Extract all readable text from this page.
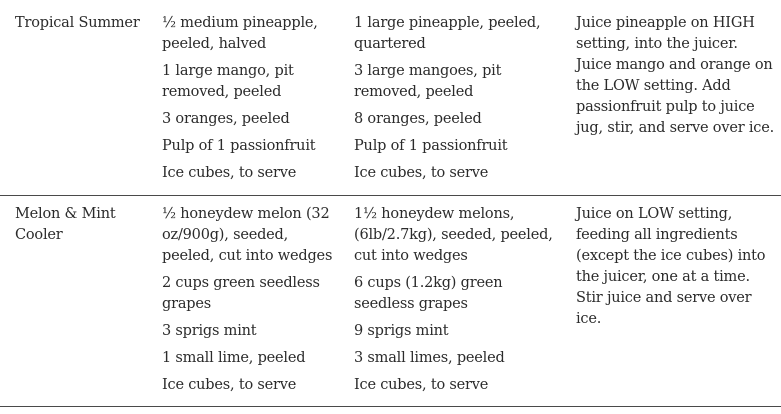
Tropical Summer	½ medium pineapple, peeled, halved
1 large mango, pit removed, peeled
3 oranges, peeled
Pulp of 1 passionfruit
Ice cubes, to serve
1 large pineapple, peeled, quartered
3 large mangoes, pit removed, peeled
8 oranges, peeled
Pulp of 1 passionfruit
Ice cubes, to serve
Juice pineapple on HIGH setting, into the juicer. Juice mango and orange on the LOW setting. Add passionfruit pulp to juice jug, stir, and serve over ice.
Melon & Mint Cooler
½ honeydew melon (32 oz/900g), seeded, peeled, cut into wedges
2 cups green seedless grapes
3 sprigs mint
1 small lime, peeled
Ice cubes, to serve
1½ honeydew melons, (6lb/2.7kg), seeded, peeled, cut into wedges
6 cups (1.2kg) green seedless grapes
9 sprigs mint
3 small limes, peeled
Ice cubes, to serve
Juice on LOW setting, feeding all ingredients (except the ice cubes) into the juicer, one at a time. Stir juice and serve over ice.
